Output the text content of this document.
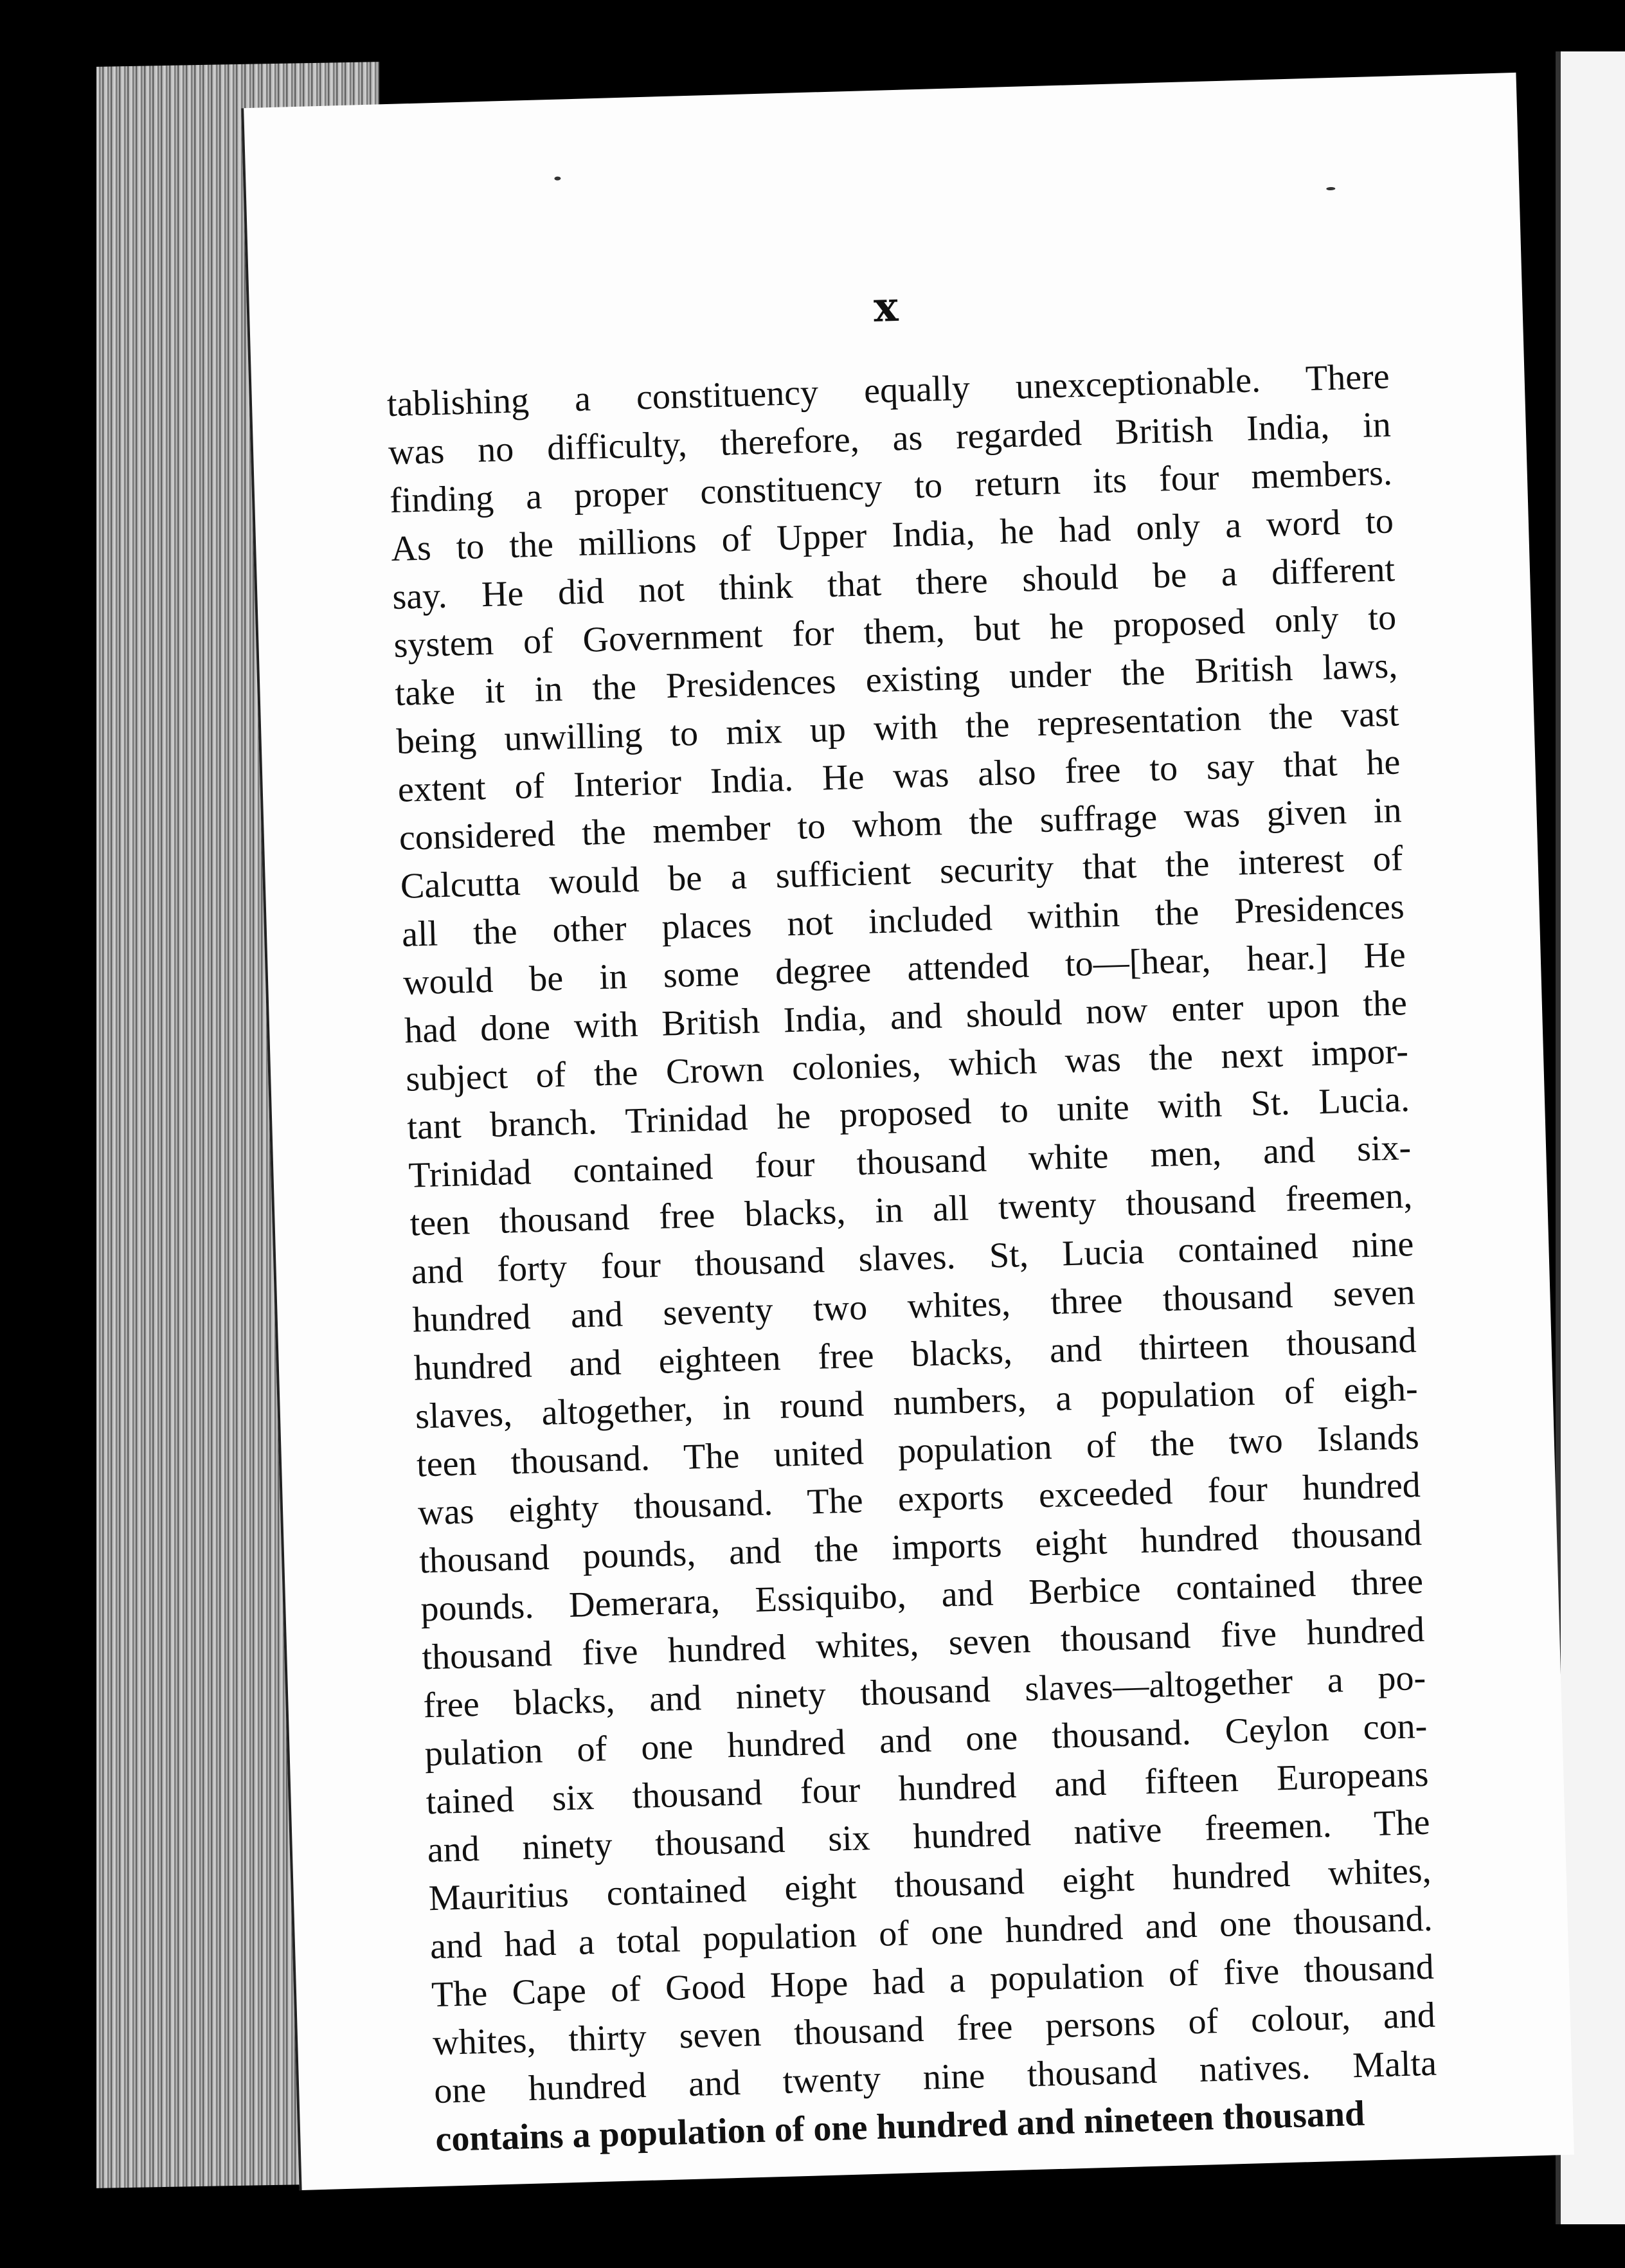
x
tablishing a constituency equally unexceptionable. There
was no difficulty, therefore, as regarded British India, in
finding a proper constituency to return its four members.
As to the millions of Upper India, he had only a word to
say. He did not think that there should be a different
system of Government for them, but he proposed only to
take it in the Presidences existing under the British laws,
being unwilling to mix up with the representation the vast
extent of Interior India. He was also free to say that he
considered the member to whom the suffrage was given in
Calcutta would be a sufficient security that the interest of
all the other places not included within the Presidences
would be in some degree attended to—[hear, hear.] He
had done with British India, and should now enter upon the
subject of the Crown colonies, which was the next impor-
tant branch. Trinidad he proposed to unite with St. Lucia.
Trinidad contained four thousand white men, and six-
teen thousand free blacks, in all twenty thousand freemen,
and forty four thousand slaves. St, Lucia contained nine
hundred and seventy two whites, three thousand seven
hundred and eighteen free blacks, and thirteen thousand
slaves, altogether, in round numbers, a population of eigh-
teen thousand. The united population of the two Islands
was eighty thousand. The exports exceeded four hundred
thousand pounds, and the imports eight hundred thousand
pounds. Demerara, Essiquibo, and Berbice contained three
thousand five hundred whites, seven thousand five hundred
free blacks, and ninety thousand slaves—altogether a po-
pulation of one hundred and one thousand. Ceylon con-
tained six thousand four hundred and fifteen Europeans
and ninety thousand six hundred native freemen. The
Mauritius contained eight thousand eight hundred whites,
and had a total population of one hundred and one thousand.
The Cape of Good Hope had a population of five thousand
whites, thirty seven thousand free persons of colour, and
one hundred and twenty nine thousand natives. Malta
contains a population of one hundred and nineteen thousand
